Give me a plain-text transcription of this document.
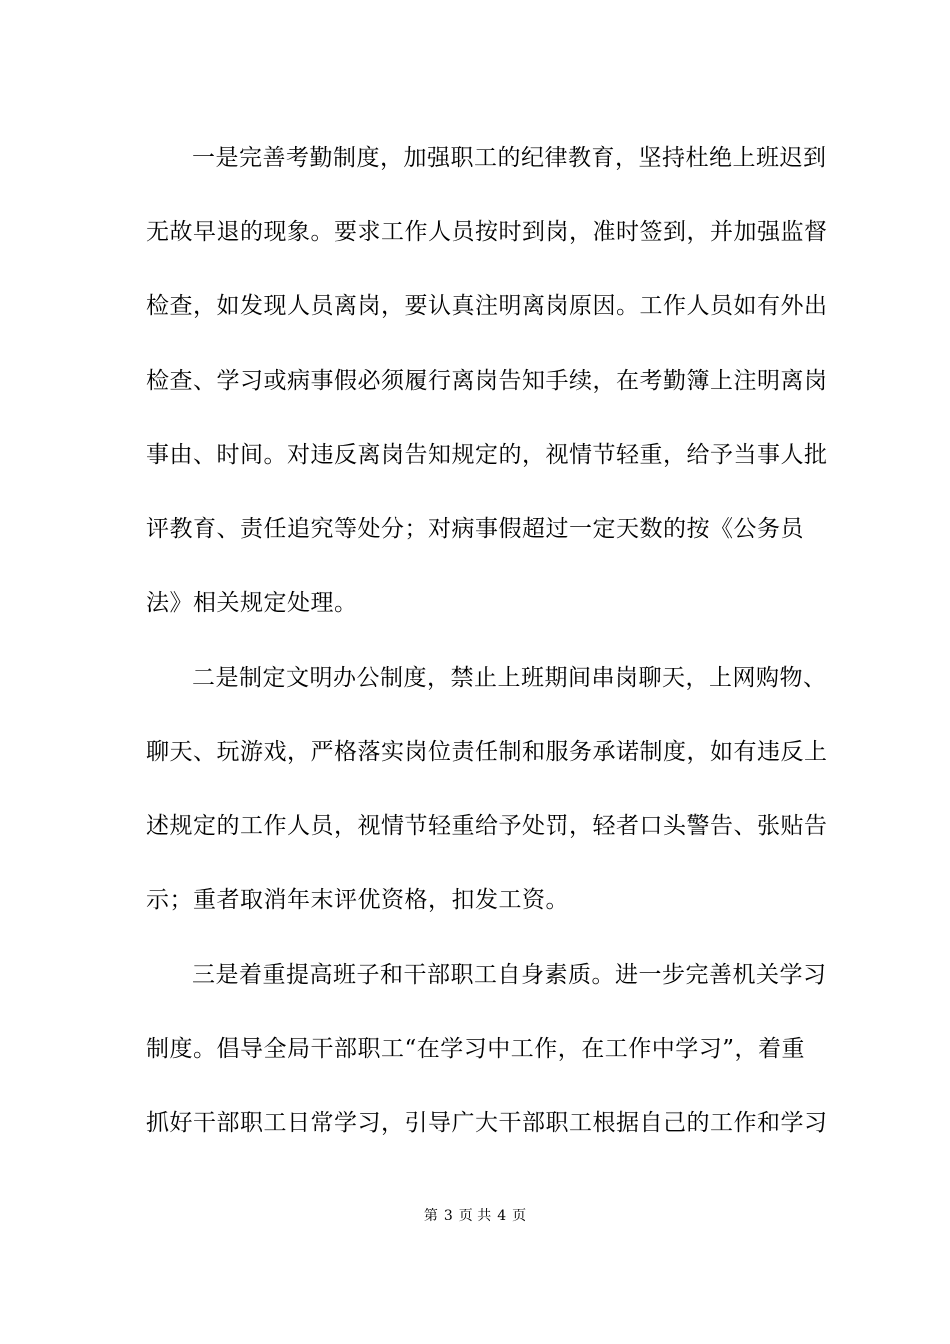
一是完善考勤制度，加强职工的纪律教育，坚持杜绝上班迟到
无故早退的现象。要求工作人员按时到岗，准时签到，并加强监督
检查，如发现人员离岗，要认真注明离岗原因。工作人员如有外出
检查、学习或病事假必须履行离岗告知手续，在考勤簿上注明离岗
事由、时间。对违反离岗告知规定的，视情节轻重，给予当事人批
评教育、责任追究等处分；对病事假超过一定天数的按《公务员
法》相关规定处理。
二是制定文明办公制度，禁止上班期间串岗聊天，上网购物、
聊天、玩游戏，严格落实岗位责任制和服务承诺制度，如有违反上
述规定的工作人员，视情节轻重给予处罚，轻者口头警告、张贴告
示；重者取消年末评优资格，扣发工资。
三是着重提高班子和干部职工自身素质。进一步完善机关学习
制度。倡导全局干部职工“在学习中工作，在工作中学习”，着重
抓好干部职工日常学习，引导广大干部职工根据自己的工作和学习
第 3 页 共 4 页
